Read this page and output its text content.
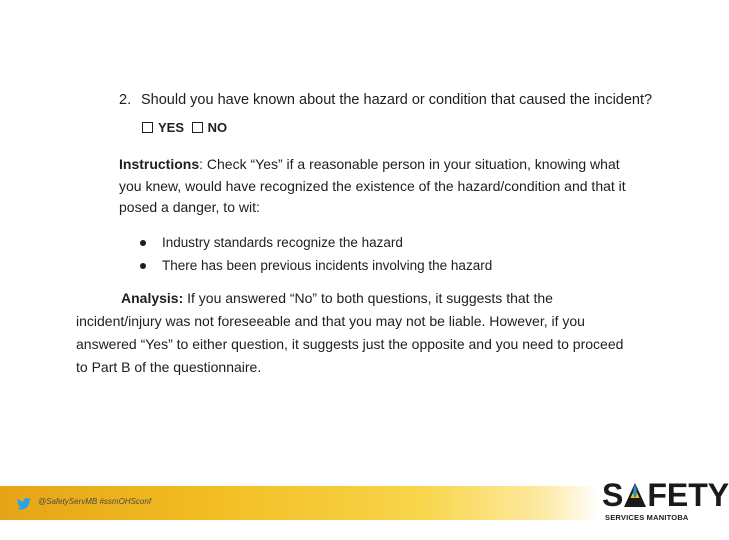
2. Should you have known about the hazard or condition that caused the incident?
YES NO
Instructions: Check “Yes” if a reasonable person in your situation, knowing what you knew, would have recognized the existence of the hazard/condition and that it posed a danger, to wit:
Industry standards recognize the hazard
There has been previous incidents involving the hazard
Analysis: If you answered “No” to both questions, it suggests that the incident/injury was not foreseeable and that you may not be liable. However, if you answered “Yes” to either question, it suggests just the opposite and you need to proceed to Part B of the questionnaire.
@SafetyServMB #ssmOHSconf	S FETY
SERVICES MANITOBA
